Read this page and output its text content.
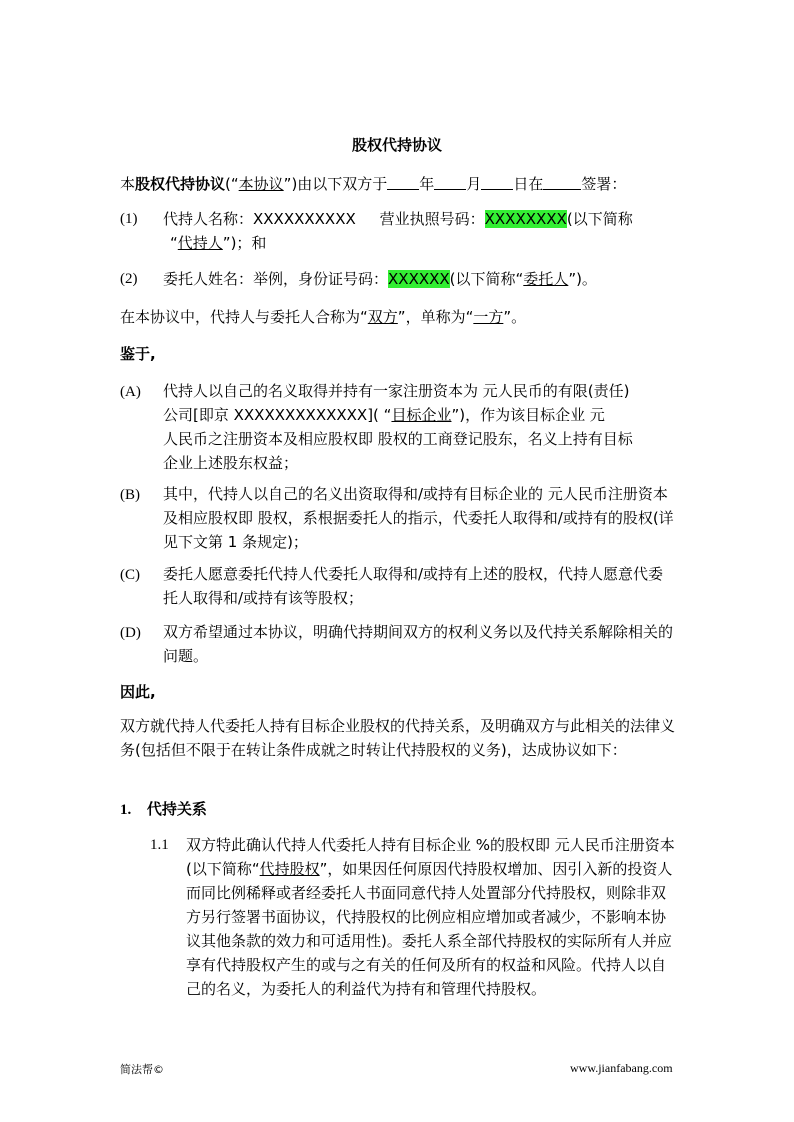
股权代持协议
本股权代持协议(“本协议”)由以下双方于 年 月 日在	签署：
(1) 代持人名称：XXXXXXXXXX 营业执照号码：XXXXXXXX(以下简称
“代持人”)；和
(2) 委托人姓名：举例，身份证号码：XXXXXX(以下简称“委托人”)。
在本协议中，代持人与委托人合称为“双方”，单称为“一方”。
鉴于,
(A) 代持人以自己的名义取得并持有一家注册资本为 元人民币的有限(责任)
公司[即京 XXXXXXXXXXXXX]( “目标企业”)，作为该目标企业 元
人民币之注册资本及相应股权即 股权的工商登记股东，名义上持有目标
企业上述股东权益；
(B) 其中，代持人以自己的名义出资取得和/或持有目标企业的 元人民币注册资本及相应股权即 股权，系根据委托人的指示，代委托人取得和/或持有的股权(详见下文第 1 条规定)；
(C) 委托人愿意委托代持人代委托人取得和/或持有上述的股权，代持人愿意代委托人取得和/或持有该等股权；
(D) 双方希望通过本协议，明确代持期间双方的权利义务以及代持关系解除相关的问题。
因此,
双方就代持人代委托人持有目标企业股权的代持关系，及明确双方与此相关的法律义务(包括但不限于在转让条件成就之时转让代持股权的义务)，达成协议如下：
1. 代持关系
1.1 双方特此确认代持人代委托人持有目标企业 %的股权即 元人民币注册资本(以下简称“代持股权”，如果因任何原因代持股权增加、因引入新的投资人而同比例稀释或者经委托人书面同意代持人处置部分代持股权，则除非双方另行签署书面协议，代持股权的比例应相应增加或者减少，不影响本协议其他条款的效力和可适用性)。委托人系全部代持股权的实际所有人并应享有代持股权产生的或与之有关的任何及所有的权益和风险。代持人以自己的名义，为委托人的利益代为持有和管理代持股权。
简法帮©	www.jianfabang.com
